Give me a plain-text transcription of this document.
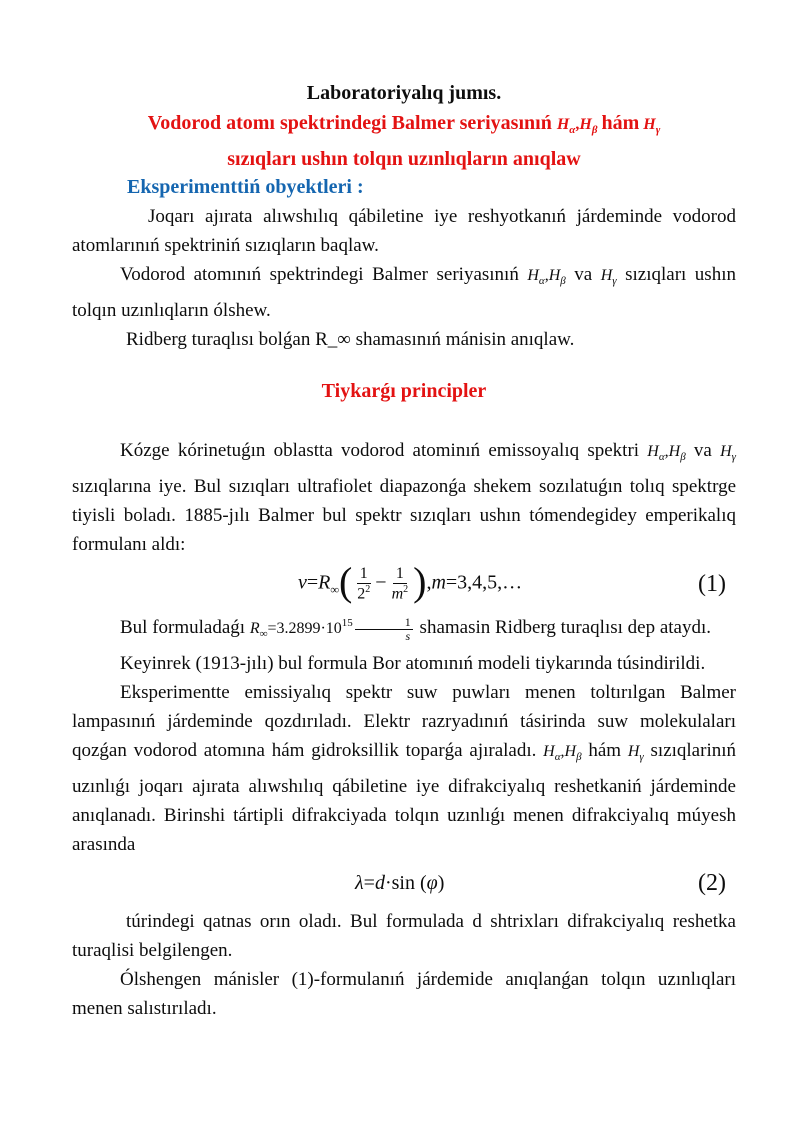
Laboratoriyalıq jumıs.
Vodorod atomı spektrindegi Balmer seriyasınıń $H_\alpha,H_\beta$ hám $H_\gamma$
sızıqları ushın tolqın uzınlıqların anıqlaw
Eksperimenttiń obyektleri :

Joqarı ajırata alıwshılıq qábiletine iye reshyotkanıń járdeminde vodorod atomlarınıń spektriniń sızıqların baqlaw.

Vodorod atomınıń spektrindegi Balmer seriyasınıń $H_\alpha,H_\beta$ va $H_\gamma$ sızıqları ushın tolqın uzınlıqların ólshew.

Ridberg turaqlısı bolǵan R_∞ shamasınıń mánisin anıqlaw.

Tiykarǵı principler

Kózge kórinetuǵın oblastta vodorod atominıń emissoyalıq spektri $H_\alpha,H_\beta$ va $H_\gamma$ sızıqlarına iye. Bul sızıqları ultrafiolet diapazonǵa shekem sozılatuǵın tolıq spektrge tiyisli boladı. 1885-jılı Balmer bul spektr sızıqları ushın tómendegidey emperikalıq formulanı aldı:

$\nu=R_\infty( \frac{1}{2^2} - \frac{1}{m^2}$ ),m=3,4,5,…	(1)

Bul formuladaǵı $R_\infty=3.2899\cdot 10^{15} \frac{1}{s}$ shamasin Ridberg turaqlısı dep ataydı.

Keyinrek (1913-jılı) bul formula Bor atomınıń modeli tiykarında túsindirildi.

Eksperimentte emissiyalıq spektr suw puwları menen toltırılgan Balmer lampasınıń járdeminde qozdırıladı. Elektr razryadınıń tásirinda suw molekulaları qozǵan vodorod atomına hám gidroksillik toparǵa ajıraladı. $H_\alpha,H_\beta$ hám $H_\gamma$ sızıqlarinıń uzınlıǵı joqarı ajırata alıwshılıq qábiletine iye difrakciyalıq reshetkaniń járdeminde anıqlanadı. Birinshi tártipli difrakciyada tolqın uzınlıǵı menen difrakciyalıq múyesh arasında

λ=d·sin (φ)	(2)

túrindegi qatnas orın oladı. Bul formulada d shtrixları difrakciyalıq reshetka turaqlisi belgilengen.

Ólshengen mánisler (1)-formulanıń járdemide anıqlanǵan tolqın uzınlıqları menen salıstırıladı.
